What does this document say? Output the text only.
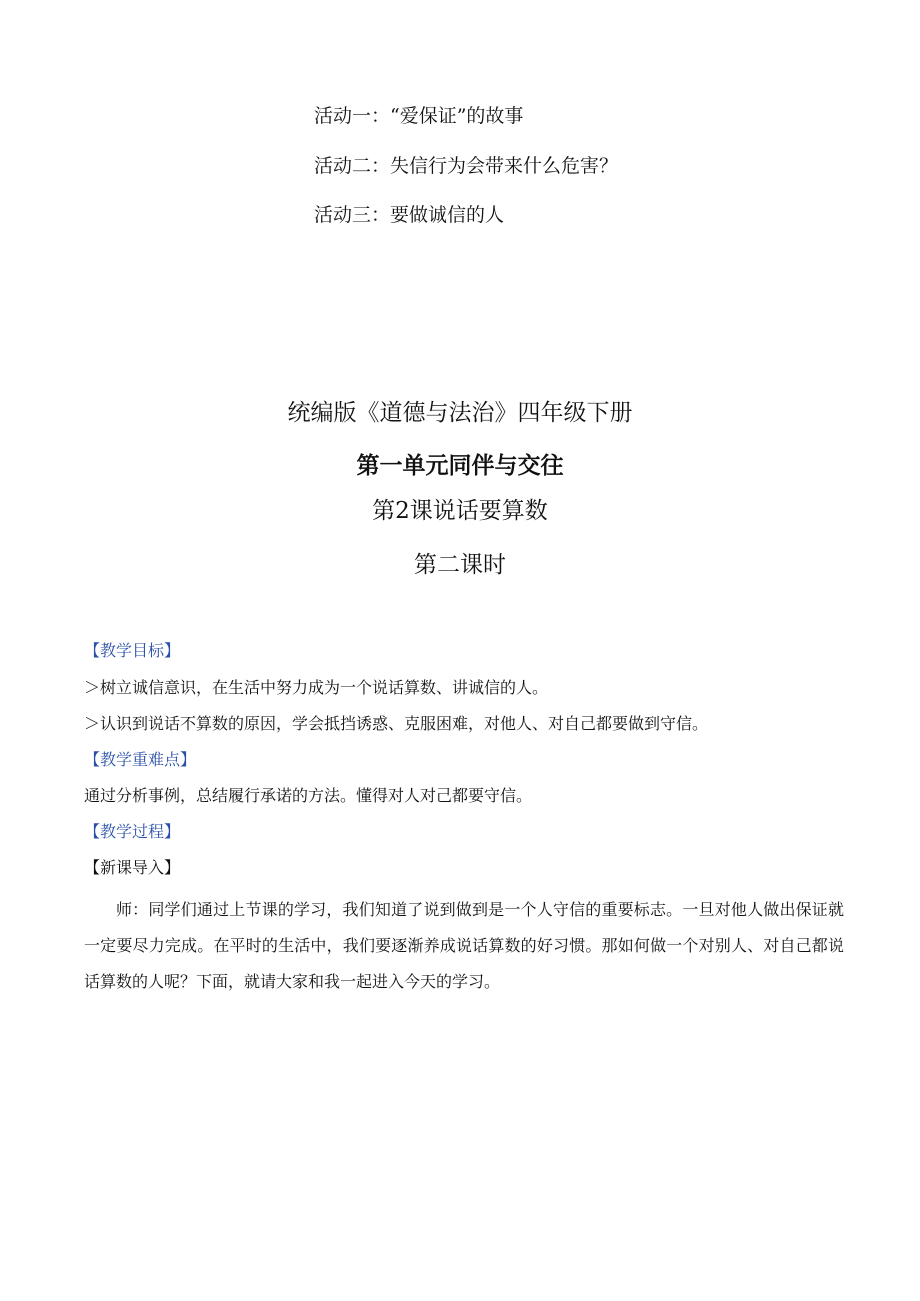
活动一：“爱保证”的故事
活动二：失信行为会带来什么危害？
活动三：要做诚信的人
统编版《道德与法治》四年级下册
第一单元同伴与交往
第2课说话要算数
第二课时
【教学目标】
＞树立诚信意识，在生活中努力成为一个说话算数、讲诚信的人。
＞认识到说话不算数的原因，学会抵挡诱惑、克服困难，对他人、对自己都要做到守信。
【教学重难点】
通过分析事例，总结履行承诺的方法。懂得对人对己都要守信。
【教学过程】
【新课导入】

师：同学们通过上节课的学习，我们知道了说到做到是一个人守信的重要标志。一旦对他人做出保证就一定要尽力完成。在平时的生活中，我们要逐渐养成说话算数的好习惯。那如何做一个对别人、对自己都说话算数的人呢？下面，就请大家和我一起进入今天的学习。
